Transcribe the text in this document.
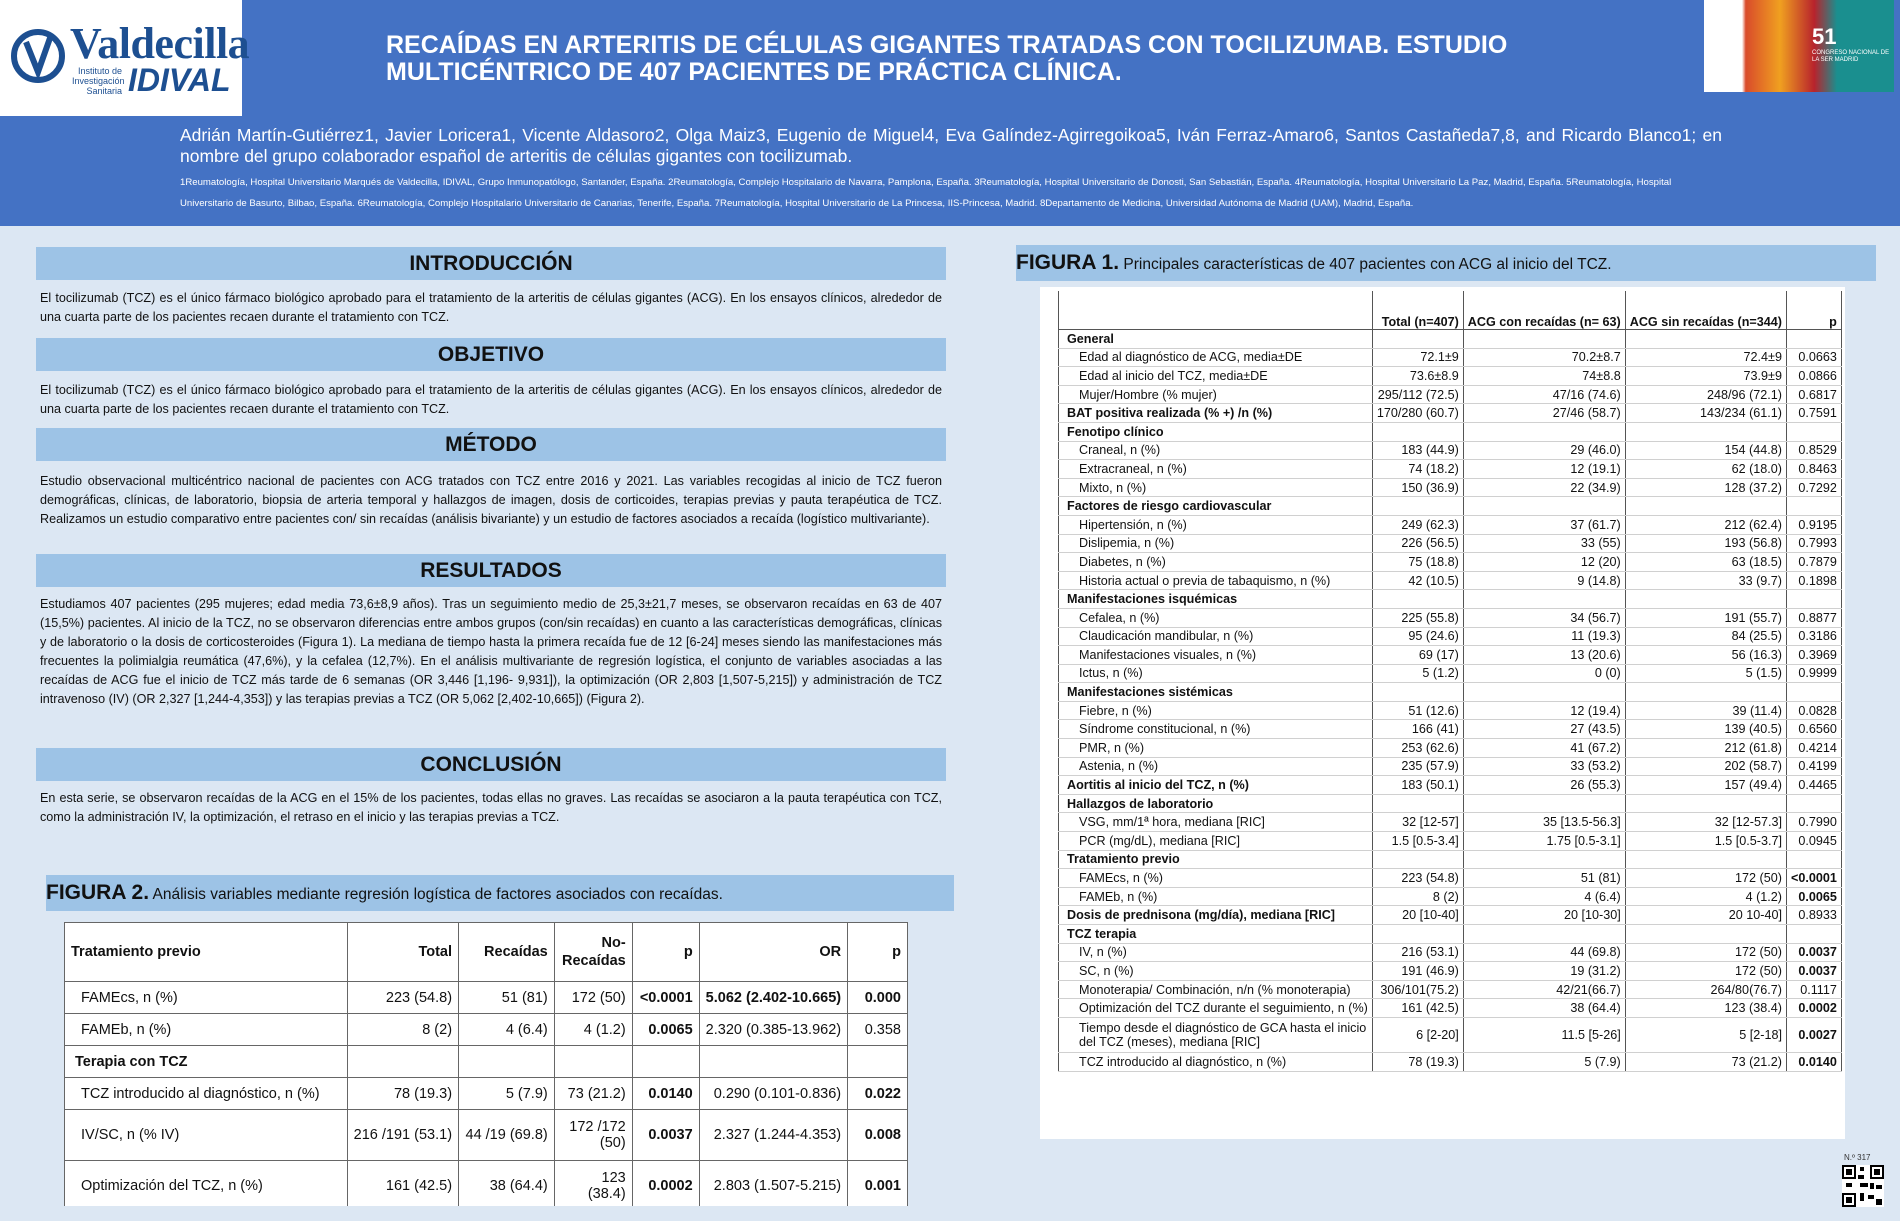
Valdecilla
Instituto de Investigación Sanitaria IDIVAL
RECAÍDAS EN ARTERITIS DE CÉLULAS GIGANTES TRATADAS CON TOCILIZUMAB. ESTUDIO MULTICÉNTRICO DE 407 PACIENTES DE PRÁCTICA CLÍNICA.
51
CONGRESO NACIONAL DE LA SER MADRID
Adrián Martín-Gutiérrez1, Javier Loricera1, Vicente Aldasoro2, Olga Maiz3, Eugenio de Miguel4, Eva Galíndez-Agirregoikoa5, Iván Ferraz-Amaro6, Santos Castañeda7,8, and Ricardo Blanco1; en nombre del grupo colaborador español de arteritis de células gigantes con tocilizumab.
1Reumatología, Hospital Universitario Marqués de Valdecilla, IDIVAL, Grupo Inmunopatólogo, Santander, España. 2Reumatología, Complejo Hospitalario de Navarra, Pamplona, España. 3Reumatología, Hospital Universitario de Donosti, San Sebastián, España. 4Reumatología, Hospital Universitario La Paz, Madrid, España. 5Reumatología, Hospital Universitario de Basurto, Bilbao, España. 6Reumatología, Complejo Hospitalario Universitario de Canarias, Tenerife, España. 7Reumatología, Hospital Universitario de La Princesa, IIS-Princesa, Madrid. 8Departamento de Medicina, Universidad Autónoma de Madrid (UAM), Madrid, España.
INTRODUCCIÓN
El tocilizumab (TCZ) es el único fármaco biológico aprobado para el tratamiento de la arteritis de células gigantes (ACG). En los ensayos clínicos, alrededor de una cuarta parte de los pacientes recaen durante el tratamiento con TCZ.
OBJETIVO
El tocilizumab (TCZ) es el único fármaco biológico aprobado para el tratamiento de la arteritis de células gigantes (ACG). En los ensayos clínicos, alrededor de una cuarta parte de los pacientes recaen durante el tratamiento con TCZ.
MÉTODO
Estudio observacional multicéntrico nacional de pacientes con ACG tratados con TCZ entre 2016 y 2021. Las variables recogidas al inicio de TCZ fueron demográficas, clínicas, de laboratorio, biopsia de arteria temporal y hallazgos de imagen, dosis de corticoides, terapias previas y pauta terapéutica de TCZ. Realizamos un estudio comparativo entre pacientes con/ sin recaídas (análisis bivariante) y un estudio de factores asociados a recaída (logístico multivariante).
RESULTADOS
Estudiamos 407 pacientes (295 mujeres; edad media 73,6±8,9 años). Tras un seguimiento medio de 25,3±21,7 meses, se observaron recaídas en 63 de 407 (15,5%) pacientes. Al inicio de la TCZ, no se observaron diferencias entre ambos grupos (con/sin recaídas) en cuanto a las características demográficas, clínicas y de laboratorio o la dosis de corticosteroides (Figura 1). La mediana de tiempo hasta la primera recaída fue de 12 [6-24] meses siendo las manifestaciones más frecuentes la polimialgia reumática (47,6%), y la cefalea (12,7%). En el análisis multivariante de regresión logística, el conjunto de variables asociadas a las recaídas de ACG fue el inicio de TCZ más tarde de 6 semanas (OR 3,446 [1,196- 9,931]), la optimización (OR 2,803 [1,507-5,215]) y administración de TCZ intravenoso (IV) (OR 2,327 [1,244-4,353]) y las terapias previas a TCZ (OR 5,062 [2,402-10,665]) (Figura 2).
CONCLUSIÓN
En esta serie, se observaron recaídas de la ACG en el 15% de los pacientes, todas ellas no graves. Las recaídas se asociaron a la pauta terapéutica con TCZ, como la administración IV, la optimización, el retraso en el inicio y las terapias previas a TCZ.
FIGURA 2. Análisis variables mediante regresión logística de factores asociados con recaídas.
Tratamiento previo	Total	Recaídas	No-Recaídas	p	OR	p
FAMEcs, n (%)	223 (54.8)	51 (81)	172 (50)	<0.0001	5.062 (2.402-10.665)	0.000
FAMEb, n (%)	8 (2)	4 (6.4)	4 (1.2)	0.0065	2.320 (0.385-13.962)	0.358
Terapia con TCZ						
TCZ introducido al diagnóstico, n (%)	78 (19.3)	5 (7.9)	73 (21.2)	0.0140	0.290 (0.101-0.836)	0.022
IV/SC, n (% IV)	216 /191 (53.1)	44 /19 (69.8)	172 /172 (50)	0.0037	2.327 (1.244-4.353)	0.008
Optimización del TCZ, n (%)	161 (42.5)	38 (64.4)	123 (38.4)	0.0002	2.803 (1.507-5.215)	0.001
FIGURA 1. Principales características de 407 pacientes con ACG al inicio del TCZ.
	Total (n=407)	ACG con recaídas (n= 63)	ACG sin recaídas (n=344)	p
General				
Edad al diagnóstico de ACG, media±DE	72.1±9	70.2±8.7	72.4±9	0.0663
Edad al inicio del TCZ, media±DE	73.6±8.9	74±8.8	73.9±9	0.0866
Mujer/Hombre (% mujer)	295/112 (72.5)	47/16 (74.6)	248/96 (72.1)	0.6817
BAT positiva realizada (% +) /n (%)	170/280 (60.7)	27/46 (58.7)	143/234 (61.1)	0.7591
Fenotipo clínico				
Craneal, n (%)	183 (44.9)	29 (46.0)	154 (44.8)	0.8529
Extracraneal, n (%)	74 (18.2)	12 (19.1)	62 (18.0)	0.8463
Mixto, n (%)	150 (36.9)	22 (34.9)	128 (37.2)	0.7292
Factores de riesgo cardiovascular				
Hipertensión, n (%)	249 (62.3)	37 (61.7)	212 (62.4)	0.9195
Dislipemia, n (%)	226 (56.5)	33 (55)	193 (56.8)	0.7993
Diabetes, n (%)	75 (18.8)	12 (20)	63 (18.5)	0.7879
Historia actual o previa de tabaquismo, n (%)	42 (10.5)	9 (14.8)	33 (9.7)	0.1898
Manifestaciones isquémicas				
Cefalea, n (%)	225 (55.8)	34 (56.7)	191 (55.7)	0.8877
Claudicación mandibular, n (%)	95 (24.6)	11 (19.3)	84 (25.5)	0.3186
Manifestaciones visuales, n (%)	69 (17)	13 (20.6)	56 (16.3)	0.3969
Ictus, n (%)	5 (1.2)	0 (0)	5 (1.5)	0.9999
Manifestaciones sistémicas				
Fiebre, n (%)	51 (12.6)	12 (19.4)	39 (11.4)	0.0828
Síndrome constitucional, n (%)	166 (41)	27 (43.5)	139 (40.5)	0.6560
PMR, n (%)	253 (62.6)	41 (67.2)	212 (61.8)	0.4214
Astenia, n (%)	235 (57.9)	33 (53.2)	202 (58.7)	0.4199
Aortitis al inicio del TCZ, n (%)	183 (50.1)	26 (55.3)	157 (49.4)	0.4465
Hallazgos de laboratorio				
VSG, mm/1ª hora, mediana [RIC]	32 [12-57]	35 [13.5-56.3]	32 [12-57.3]	0.7990
PCR (mg/dL), mediana [RIC]	1.5 [0.5-3.4]	1.75 [0.5-3.1]	1.5 [0.5-3.7]	0.0945
Tratamiento previo				
FAMEcs, n (%)	223 (54.8)	51 (81)	172 (50)	<0.0001
FAMEb, n (%)	8 (2)	4 (6.4)	4 (1.2)	0.0065
Dosis de prednisona (mg/día), mediana [RIC]	20 [10-40]	20 [10-30]	20 10-40]	0.8933
TCZ terapia				
IV, n (%)	216 (53.1)	44 (69.8)	172 (50)	0.0037
SC, n (%)	191 (46.9)	19 (31.2)	172 (50)	0.0037
Monoterapia/ Combinación, n/n (% monoterapia)	306/101(75.2)	42/21(66.7)	264/80(76.7)	0.1117
Optimización del TCZ durante el seguimiento, n (%)	161 (42.5)	38 (64.4)	123 (38.4)	0.0002
Tiempo desde el diagnóstico de GCA hasta el inicio del TCZ (meses), mediana [RIC]	6 [2-20]	11.5 [5-26]	5 [2-18]	0.0027
TCZ introducido al diagnóstico, n (%)	78 (19.3)	5 (7.9)	73 (21.2)	0.0140
N.º 317
